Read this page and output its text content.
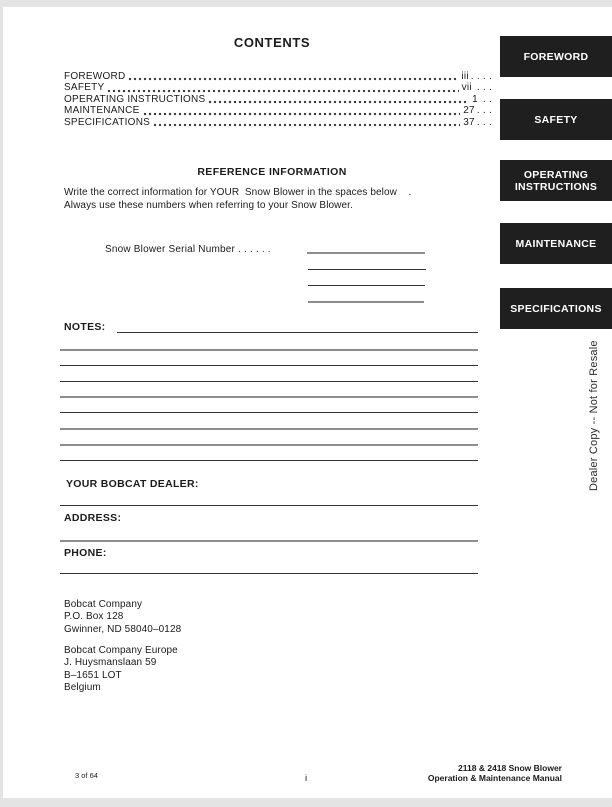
CONTENTS
FOREWORD	iii . . . .
SAFETY	vii . . .
OPERATING INSTRUCTIONS	1 . .
MAINTENANCE	27 . . .
SPECIFICATIONS	37 . . .
FOREWORD
SAFETY
OPERATING INSTRUCTIONS
MAINTENANCE
SPECIFICATIONS
REFERENCE INFORMATION
Write the correct information for YOUR  Snow Blower in the spaces below    .
Always use these numbers when referring to your Snow Blower.
Snow Blower Serial Number . . . . . .
NOTES:
YOUR BOBCAT DEALER:
ADDRESS:
PHONE:
Bobcat Company
P.O. Box 128
Gwinner, ND 58040–0128
Bobcat Company Europe
J. Huysmanslaan 59
B–1651 LOT
Belgium
Dealer Copy -- Not for Resale
3 of 64	i
2118 & 2418 Snow Blower
Operation & Maintenance Manual
